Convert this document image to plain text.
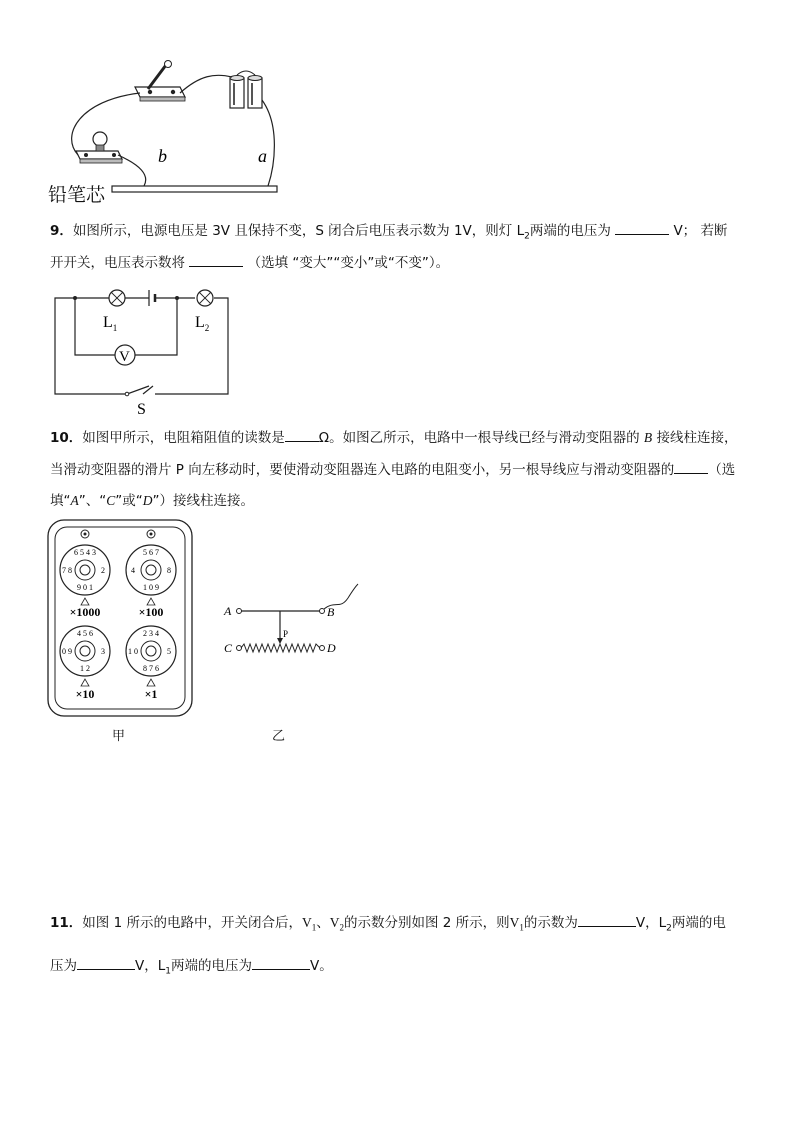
b	a
铅笔芯
9．如图所示，电源电压是 3V 且保持不变，S 闭合后电压表示数为 1V，则灯 $L_2$两端的电压为	V； 若断
开开关，电压表示数将	（选填 “变大”“变小”或“不变”）。
V
$L_1$	$L_2$
S
10．如图甲所示，电阻箱阻值的读数是	Ω。如图乙所示，电路中一根导线已经与滑动变阻器的 B 接线柱连接，
当滑动变阻器的滑片 P 向左移动时，要使滑动变阻器连入电路的电阻变小，另一根导线应与滑动变阻器的	（选
填“A”、“C”或“D”）接线柱连接。
6 5 4 3
9 0 1
7 8	2
5 6 7
1 0 9
4	8
4 5 6
1 2
0 9	3
2 3 4
8 7 6
1 0	5
×1000	×100
×10	×1
甲
A	B
C	D
P
乙
11．如图 1 所示的电路中，开关闭合后，$V_1$、$V_2$的示数分别如图 2 所示，则$V_1$的示数为	V，$L_2$两端的电
压为	V，$L_1$两端的电压为	V。
